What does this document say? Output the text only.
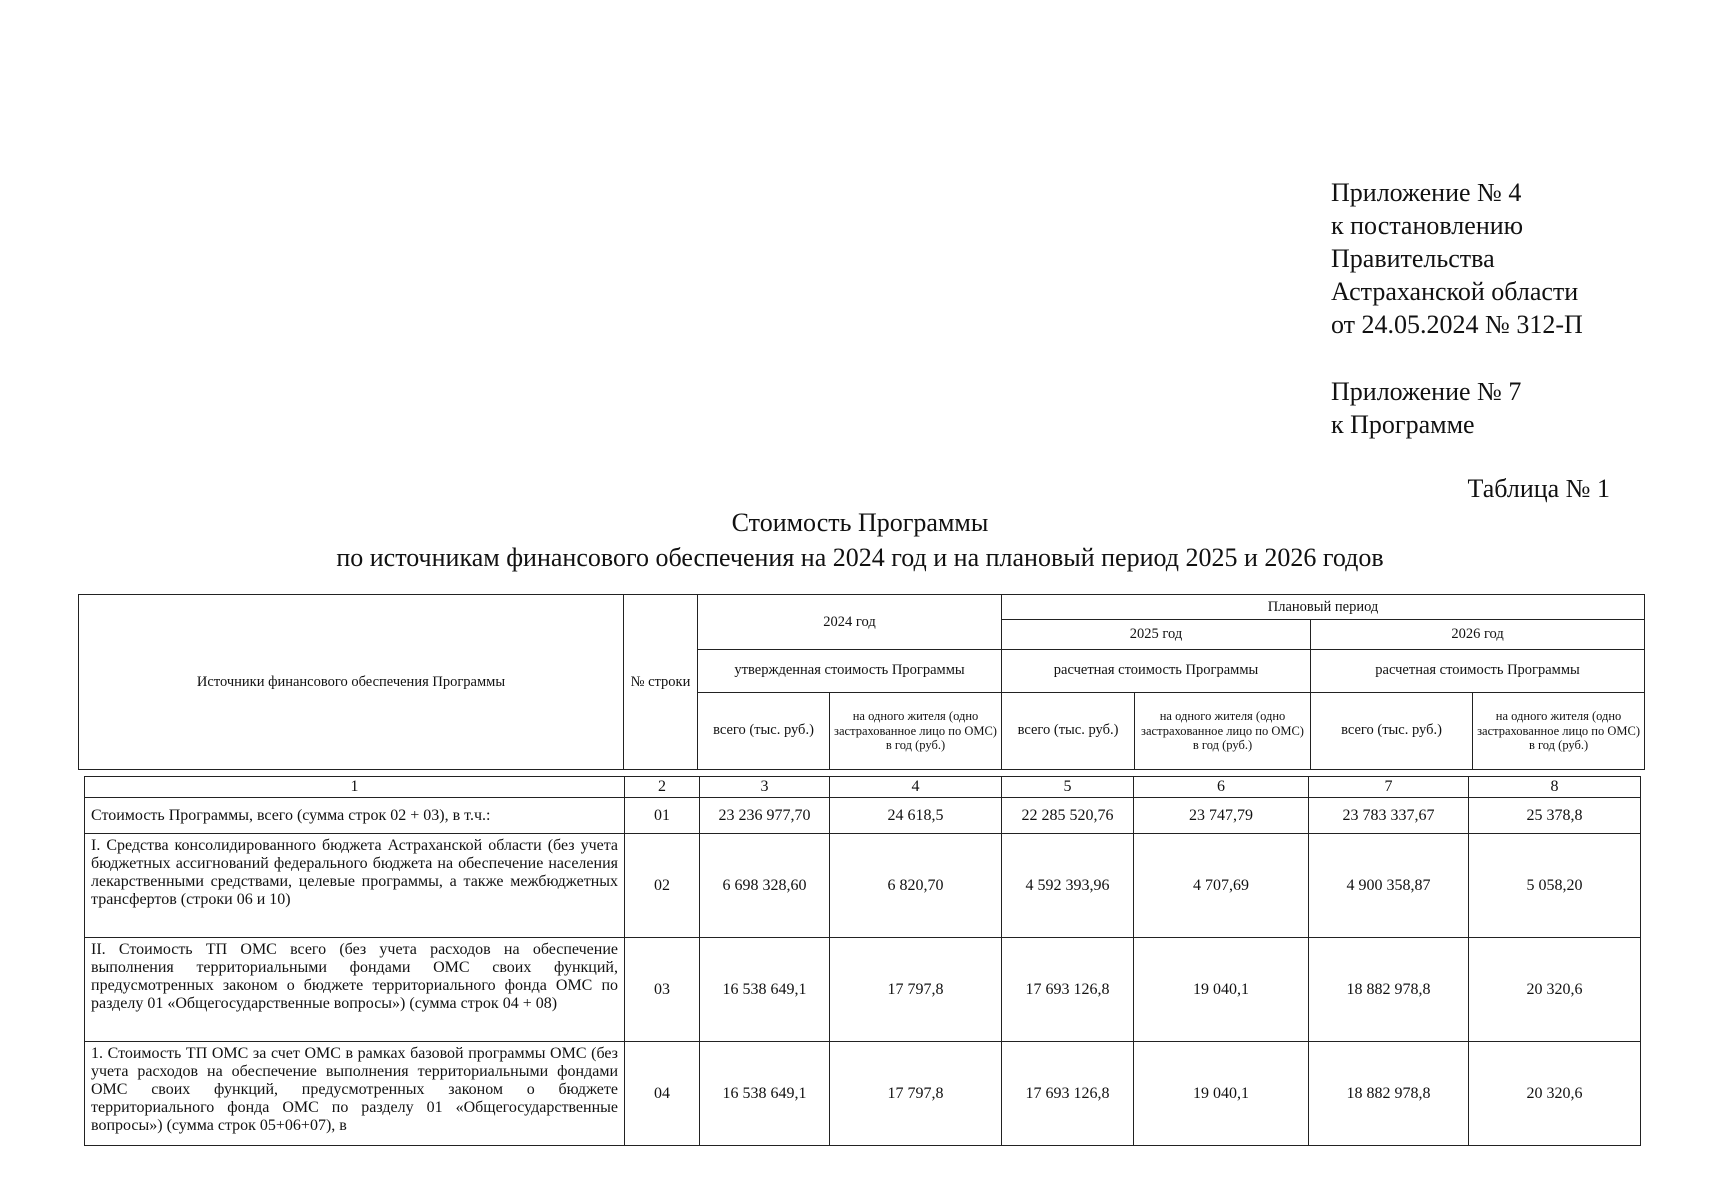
Приложение № 4
к постановлению
Правительства
Астраханской области
от 24.05.2024 № 312-П
Приложение № 7
к Программе
Таблица № 1
Стоимость Программы
по источникам финансового обеспечения на 2024 год и на плановый период 2025 и 2026 годов
Источники финансового обеспечения Программы	№ строки	2024 год		Плановый период			
				2025 год		2026 год	
		утвержденная стоимость Программы		расчетная стоимость Программы		расчетная стоимость Программы	
		всего (тыс. руб.)	на одного жителя (одно застрахованное лицо по ОМС) в год (руб.)	всего (тыс. руб.)	на одного жителя (одно застрахованное лицо по ОМС) в год (руб.)	всего (тыс. руб.)	на одного жителя (одно застрахованное лицо по ОМС) в год (руб.)
1	2	3	4	5	6	7	8
Стоимость Программы, всего (сумма строк 02 + 03), в т.ч.:	01	23 236 977,70	24 618,5	22 285 520,76	23 747,79	23 783 337,67	25 378,8
I. Средства консолидированного бюджета Астраханской области (без учета бюджетных ассигнований федерального бюджета на обеспечение населения лекарственными средствами, целевые программы, а также межбюджетных трансфертов (строки 06 и 10)	02	6 698 328,60	6 820,70	4 592 393,96	4 707,69	4 900 358,87	5 058,20
II. Стоимость ТП ОМС всего (без учета расходов на обеспечение выполнения территориальными фондами ОМС своих функций, предусмотренных законом о бюджете территориального фонда ОМС по разделу 01 «Общегосударственные вопросы») (сумма строк 04 + 08)	03	16 538 649,1	17 797,8	17 693 126,8	19 040,1	18 882 978,8	20 320,6
1. Стоимость ТП ОМС за счет ОМС в рамках базовой программы ОМС (без учета расходов на обеспечение выполнения территориальными фондами ОМС своих функций, предусмотренных законом о бюджете территориального фонда ОМС по разделу 01 «Общегосударственные вопросы») (сумма строк 05+06+07), в	04	16 538 649,1	17 797,8	17 693 126,8	19 040,1	18 882 978,8	20 320,6
